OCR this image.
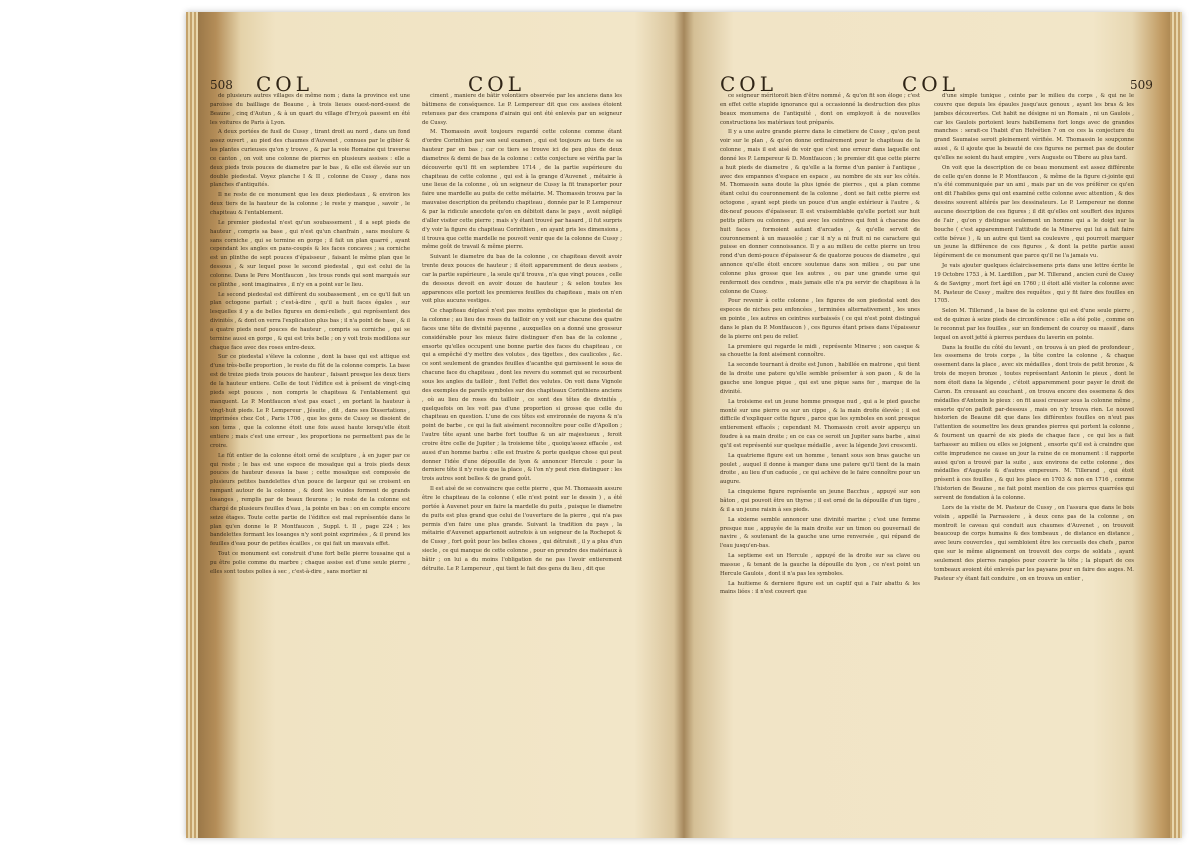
508 COL	COL

de plusieurs autres villages de même nom ; dans la province est une paroisse du bailliage de Beaune , à trois lieues ouest-nord-ouest de Beaune , cinq d'Autun , & à un quart du village d'Ivry,où passent en été les voitures de Paris à Lyon.

A deux portées de fusil de Cussy , tirant droit au nord , dans un fond assez ouvert , au pied des chaumes d'Auvenet , connues par le gibier & les plantes curieuses qu'on y trouve , & par la voie Romaine qui traverse ce canton , on voit une colonne de pierres en plusieurs assises : elle a deux pieds trois pouces de diametre par le bas , & elle est élevée sur un double piedestal. Voyez planche I & II , colonne de Cussy , dans nos planches d'antiquités.

Il ne reste de ce monument que les deux piedestaux , & environ les deux tiers de la hauteur de la colonne ; le reste y manque , savoir , le chapiteau & l'entablement.

Le premier piedestal n'est qu'un soubassement , il a sept pieds de hauteur , compris sa base , qui n'est qu'un chanfrain , sans moulure & sans corniche , qui se termine en gorge ; il fait un plan quarré , ayant cependant les angles en pans-coupés & les faces concaves ; sa corniche est un plinthe de sept pouces d'épaisseur , faisant le même plan que le dessous , & sur lequel pose le second piedestal , qui est celui de la colonne. Dans le Pere Montfaucon , les trous ronds qui sont marqués sur ce plinthe , sont imaginaires , il n'y en a point sur le lieu.

Le second piedestal est différent du soubassement , en ce qu'il fait un plan octogone parfait ; c'est-à-dire , qu'il a huit faces égales , sur lesquelles il y a de belles figures en demi-reliefs , qui représentent des divinités , & dont on verra l'explication plus bas ; il n'a point de base , & il a quatre pieds neuf pouces de hauteur , compris sa corniche , qui se termine aussi en gorge , & qui est très belle ; on y voit trois modillons sur chaque face avec des roses entre-deux.

Sur ce piedestal s'éleve la colonne , dont la base qui est attique est d'une très-belle proportion , le reste du fût de la colonne compris. La base est de treize pieds trois pouces de hauteur , faisant presque les deux tiers de la hauteur entiere. Celle de tout l'édifice est à présent de vingt-cinq pieds sept pouces , non compris le chapiteau & l'entablement qui manquent. Le P. Montfaucon n'est pas exact , en portant la hauteur à vingt-huit pieds. Le P. Lempereur , Jésuite , dit , dans ses Dissertations , imprimées chez Cot , Paris 1706 , que les gens de Cussy se disoient de son tems , que la colonne étoit une fois aussi haute lorsqu'elle étoit entiere ; mais c'est une erreur , les proportions ne permettent pas de le croire.

Le fût entier de la colonne étoit orné de sculpture , à en juger par ce qui reste ; le bas est une espece de mosaïque qui a trois pieds deux pouces de hauteur dessus la base ; cette mosaïque est composée de plusieurs petites bandelettes d'un pouce de largeur qui se croisent en rampant autour de la colonne , & dont les vuides forment de grands losanges , remplis par de beaux fleurons ; le reste de la colonne est chargé de plusieurs feuilles d'eau , la pointe en bas : on en compte encore seize étages. Toute cette partie de l'édifice est mal représentée dans le plan qu'en donne le P. Montfaucon , Suppl. t. II , page 224 ; les bandelettes formant les losanges n'y sont point exprimées , & il prend les feuilles d'eau pour de petites écailles , ce qui fait un mauvais effet.

Tout ce monument est construit d'une fort belle pierre tousaine qui a pu être polie comme du marbre ; chaque assise est d'une seule pierre , elles sont toutes polies à sec , c'est-à-dire , sans mortier ni

ciment , maniere de bâtir volontiers observée par les anciens dans les bâtimens de conséquence. Le P. Lempereur dit que ces assises étoient retenues par des crampons d'airain qui ont été enlevés par un seigneur de Cussy.

M. Thomassin avoit toujours regardé cette colonne comme étant d'ordre Corinthien par son seul examen , qui est toujours au tiers de sa hauteur par en bas ; car ce tiers se trouve ici de peu plus de deux diametres & demi de bas de la colonne : cette conjecture se vérifia par la découverte qu'il fit en septembre 1714 , de la partie supérieure du chapiteau de cette colonne , qui est à la grange d'Auvenet , métairie à une lieue de la colonne , où un seigneur de Cussy la fit transporter pour faire une mardelle au puits de cette métairie. M. Thomassin trouva par la mauvaise description du prétendu chapiteau , donnée par le P. Lempereur & par la ridicule anecdote qu'on en débitoit dans le pays , avoit négligé d'aller visiter cette pierre ; mais s'y étant trouvé par hasard , il fut surpris d'y voir la figure du chapiteau Corinthien , en ayant pris les dimensions , il trouva que cette mardelle ne pouvoit venir que de la colonne de Cussy ; même goût de travail & même pierre.

Suivant le diametre du bas de la colonne , ce chapiteau devoit avoir trente deux pouces de hauteur ; il étoit apparemment de deux assises , car la partie supérieure , la seule qu'il trouva , n'a que vingt pouces , celle du dessous devoit en avoir douze de hauteur ; & selon toutes les apparences elle portoit les premieres feuilles du chapiteau , mais on n'en voit plus aucuns vestiges.

Ce chapiteau déplacé n'est pas moins symbolique que le piedestal de la colonne ; au lieu des roses du tailloir on y voit sur chacune des quatre faces une tête de divinité payenne , auxquelles on a donné une grosseur considérable pour les mieux faire distinguer d'en bas de la colonne , ensorte qu'elles occupent une bonne partie des faces du chapiteau , ce qui a empêché d'y mettre des volutes , des tigettes , des caulicoles , &c. ce sont seulement de grandes feuilles d'acanthe qui garnissent le sous de chacune face du chapiteau , dont les revers du sommet qui se recourbent sous les angles du tailloir , font l'effet des volutes. On voit dans Vignole des exemples de pareils symboles sur des chapiteaux Corinthiens anciens , où au lieu de roses du tailloir , ce sont des têtes de divinités , quelquefois on les voit pas d'une proportion si grosse que celle du chapiteau en question. L'une de ces têtes est environnée de rayons & n'a point de barbe , ce qui la fait aisément reconnoître pour celle d'Apollon ; l'autre tête ayant une barbe fort touffue & un air majestueux , feroit croire être celle de Jupiter ; la troisieme tête , quoiqu'assez effacée , est aussi d'un homme barbu : elle est frustre & porte quelque chose qui peut donner l'idée d'une dépouille de lyon & annoncer Hercule : pour la derniere tête il n'y reste que la place , & l'on n'y peut rien distinguer : les trois autres sont belles & de grand goût.

Il est aisé de se convaincre que cette pierre , que M. Thomassin assure être le chapiteau de la colonne ( elle n'est point sur le dessin ) , a été portée à Auvenet pour en faire la mardelle du puits , puisque le diametre du puits est plus grand que celui de l'ouverture de la pierre , qui n'a pas permis d'en faire une plus grande. Suivant la tradition du pays , la métairie d'Auvenet appartenoit autrefois à un seigneur de la Rochepot & de Cussy , fort goût pour les belles choses , qui détruisit , il y a plus d'un siecle , ce qui manque de cette colonne , pour en prendre des matériaux à bâtir ; on lui a du moins l'obligation de ne pas l'avoir entierement détruite. Le P. Lempereur , qui tient le fait des gens du lieu , dit que

COL	COL	509

ce seigneur méritoroit bien d'être nommé , & qu'on fit son éloge ; c'est en effet cette stupide ignorance qui a occasionné la destruction des plus beaux monumens de l'antiquité , dont on employoit à de nouvelles constructions les matériaux tout préparés.

Il y a une autre grande pierre dans le cimetiere de Cussy , qu'on peut voir sur le plan , & qu'on donne ordinairement pour le chapiteau de la colonne , mais il est aisé de voir que c'est une erreur dans laquelle ont donné les P. Lempereur & D. Montfaucon ; le premier dit que cette pierre a huit pieds de diametre , & qu'elle a la forme d'un panier à l'antique , avec des empannes d'espace en espace , au nombre de six sur les côtés. M. Thomassin sans doute la plus ignée de pierres , qui a plan comme étant celui du couronnement de la colonne , dont se fait cette pierre est octogone , ayant sept pieds un pouce d'un angle extérieur à l'autre , & dix-neuf pouces d'épaisseur. Il est vraisemblable qu'elle portoit sur huit petits piliers ou colonnes , qui avec les ceintres qui font à chacune des huit faces , formoient autant d'arcades , & qu'elle servoit de couronnement à un mausolée ; car il n'y a ni fruit ni ne caractere qui puisse en donner connoissance. Il y a au milieu de cette pierre un trou rond d'un demi-pouce d'épaisseur & de quatorze pouces de diametre , qui annonce qu'elle étoit encore soutenue dans son milieu , ou par une colonne plus grosse que les autres , ou par une grande urne qui renfermoit des cendres , mais jamais elle n'a pu servir de chapiteau à la colonne de Cussy.

Pour revenir à cette colonne , les figures de son piedestal sont des especes de niches peu enfoncées , terminées alternativement , les unes en pointe , les autres en ceintres surbaissés ( ce qui n'est point distingué dans le plan du P. Montfaucon ) , ces figures étant prises dans l'épaisseur de la pierre ont peu de relief.

La premiere qui regarde le midi , représente Minerve ; son casque & sa chouette la font aisément connoître.

La seconde tournant à droite est Junon , habillée en matrone , qui tient de la droite une patere qu'elle semble présenter à son paon , & de la gauche une longue pique , qui est une pique sans fer , marque de la divinité.

La troisieme est un jeune homme presque nud , qui a le pied gauche monté sur une pierre ou sur un cippe , & la main droite élevée ; il est difficile d'expliquer cette figure , parce que les symboles en sont presque entierement effacés ; cependant M. Thomassin croit avoir apperçu un foudre à sa main droite ; en ce cas ce seroit un Jupiter sans barbe , ainsi qu'il est représenté sur quelque médaille , avec la légende Jovi crescenti.

La quatrieme figure est un homme , tenant sous son bras gauche un poulet , auquel il donne à manger dans une patere qu'il tient de la main droite , au lieu d'un caducée , ce qui achève de le faire connoître pour un augure.

La cinquieme figure représente un jeune Bacchus , appuyé sur son bâton , qui pouvoit être un thyrse ; il est orné de la dépouille d'un tigre , & il a un jeune raisin à ses pieds.

La sixieme semble annoncer une divinité marine ; c'est une femme presque nue , appuyée de la main droite sur un timon ou gouvernail de navire , & soutenant de la gauche une urne renversée , qui répand de l'eau jusqu'en-bas.

La septieme est un Hercule , appuyé de la droite sur sa clave ou massue , & tenant de la gauche la dépouille du lyon , ce n'est point un Hercule Gaulois , dont il n'a pas les symboles.

La huitieme & derniere figure est un captif qui a l'air abattu & les mains liées : il n'est couvert que

d'une simple tunique , ceinte par le milieu du corps , & qui ne le couvre que depuis les épaules jusqu'aux genoux , ayant les bras & les jambes découvertes. Cet habit ne désigne ni un Romain , ni un Gaulois , car les Gaulois portoient leurs habillemens fort longs avec de grandes manches : serait-ce l'habit d'un Helvétien ? on ce ces la conjecture du grand Saumaise seroit pleinement vérifiée. M. Thomassin le soupçonne aussi , & il ajoute que la beauté de ces figures ne permet pas de douter qu'elles ne soient du haut empire , vers Auguste ou Tibere au plus tard.

On voit que la description de ce beau monument est assez différente de celle qu'en donne le P. Montfaucon , & même de la figure ci-jointe qui n'a été communiquée par un ami , mais par un de vos préférer ce qu'en ont dit l'habiles gens qui ont examiné cette colonne avec attention , & des dessins souvent altérés par les dessinateurs. Le P. Lempereur ne donne aucune description de ces figures ; il dit qu'elles ont souffert des injures de l'air , qu'on y distingue seulement un homme qui a le doigt sur la bouche ( c'est apparemment l'attitude de la Minerve qui lui a fait faire cette bévue ) , & un autre qui tient sa couleuvre , qui pourroit marquer un jeune la différence de ces figures , & dont la petite partie aussi légérement de ce monument que parce qu'il ne l'a jamais vu.

Je vais ajouter quelques éclaircissemens pris dans une lettre écrite le 19 Octobre 1753 , à M. Lardillon , par M. Tillerand , ancien curé de Cussy & de Savigny , mort fort âgé en 1760 ; il étoit allé visiter la colonne avec M. Pasteur de Cussy , maître des requêtes , qui y fit faire des fouilles en 1705.

Selon M. Tillerand , la base de la colonne qui est d'une seule pierre , est de quinze à seize pieds de circonférence : elle a été polie , comme on le reconnut par les fouilles , sur un fondement de couroy ou massif , dans lequel on avoit jetté à pierres perdues du laverin en pointe.

Dans la fouille du côté du levant , on trouva à un pied de profondeur , les ossemens de trois corps , la tête contre la colonne , & chaque ossement dans la place , avec six médailles , dont trois de petit bronze , & trois de moyen bronze , toutes représentant Antonin le pieux , dont le nom étoit dans la légende , c'étoit apparemment pour payer le droit de Caron. En creusant au couchant , on trouva encore des ossemens & des médailles d'Antonin le pieux : on fit aussi creuser sous la colonne même , ensorte qu'on pafloit par-dessous , mais on n'y trouva rien. Le nouvel historien de Beaune dit que dans les différentes fouilles on n'eut pas l'attention de soumettre les deux grandes pierres qui portent la colonne , & fournent un quarré de six pieds de chaque face , ce qui les a fait tarhasser au milieu ou elles se joignent , ensorte qu'il est à craindre que cette imprudence ne cause un jour la ruine de ce monument : il rapporte aussi qu'on a trouvé par la suite , aux environs de cette colonne , des médailles d'Auguste & d'autres empereurs. M. Tillerand , qui étoit présent à ces fouilles , & qui les place en 1703 & non en 1716 , comme l'historien de Beaune , ne fait point mention de ces pierres quarrées qui servent de fondation à la colonne.

Lors de la visite de M. Pasteur de Cussy , on l'assura que dans le bois voisin , appellé la Parrassiere , à deux cens pas de la colonne , on montroit le caveau qui conduit aux chaumes d'Auvenet , on trouvoit beaucoup de corps humains & des tombeaux , de distance en distance , avec leurs couvercles , qui sembloient être les cercueils des chefs , parce que sur le même alignement on trouvoit des corps de soldats , ayant seulement des pierres rangées pour couvrir la tête ; la plupart de ces tombeaux avoient été enlevés par les paysans pour en faire des auges. M. Pasteur s'y étant fait conduire , on en trouva un entier ,
